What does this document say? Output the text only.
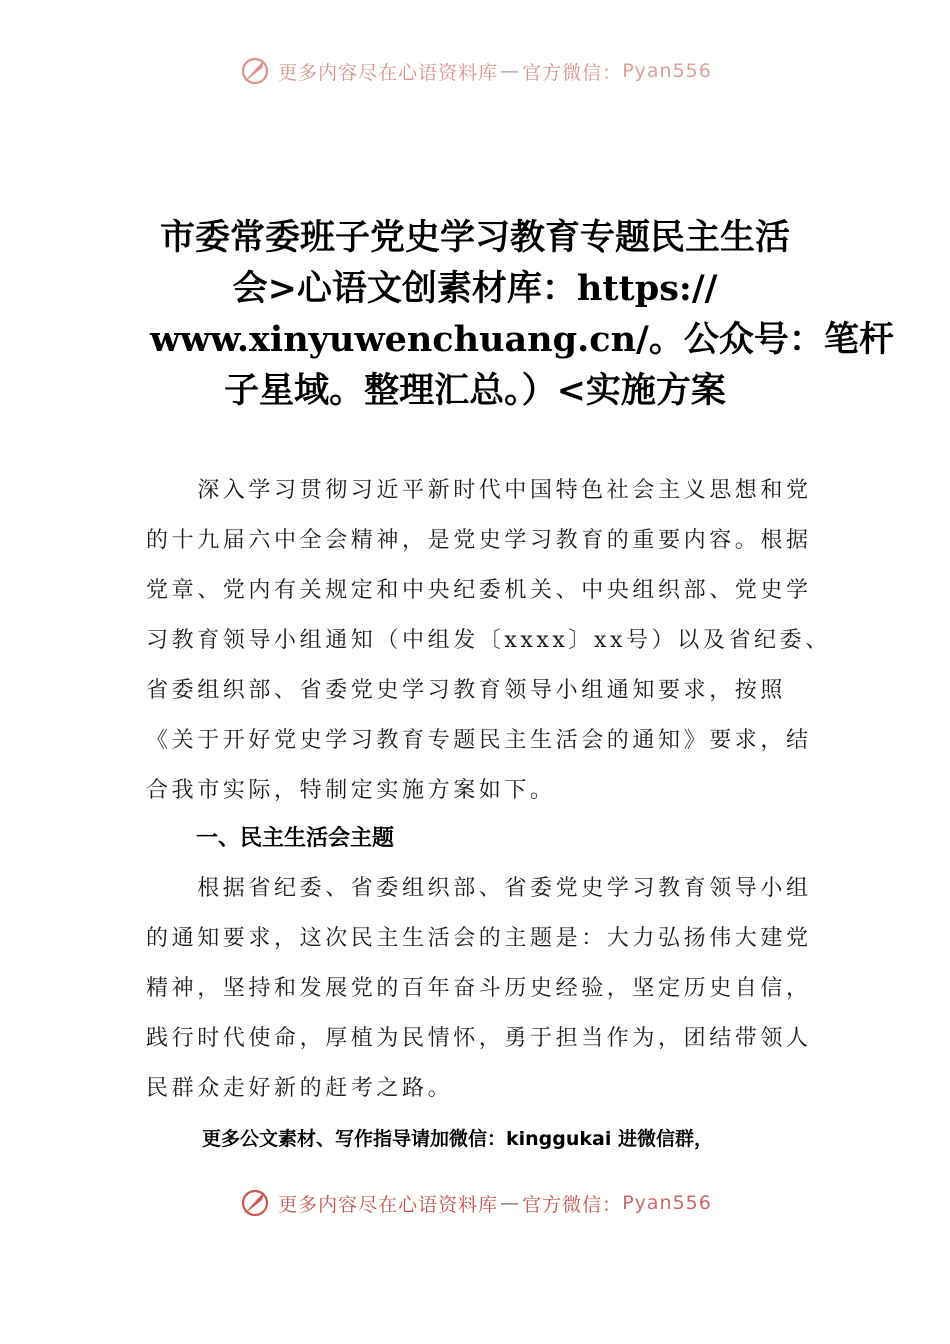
更多内容尽在心语资料库 — 官方微信： Pyan556
市委常委班子党史学习教育专题民主生活
会>心语文创素材库：https://
www.xinyuwenchuang.cn/。公众号：笔杆
子星域。整理汇总。）<实施方案
　　深入学习贯彻习近平新时代中国特色社会主义思想和党
的十九届六中全会精神，是党史学习教育的重要内容。根据
党章、党内有关规定和中央纪委机关、中央组织部、党史学
习教育领导小组通知（中组发〔xxxx〕xx号）以及省纪委、
省委组织部、省委党史学习教育领导小组通知要求，按照
《关于开好党史学习教育专题民主生活会的通知》要求，结
合我市实际，特制定实施方案如下。
一、民主生活会主题
　　根据省纪委、省委组织部、省委党史学习教育领导小组
的通知要求，这次民主生活会的主题是：大力弘扬伟大建党
精神，坚持和发展党的百年奋斗历史经验，坚定历史自信，
践行时代使命，厚植为民情怀，勇于担当作为，团结带领人
民群众走好新的赶考之路。
更多公文素材、写作指导请加微信：kinggukai 进微信群，
更多内容尽在心语资料库 — 官方微信： Pyan556
